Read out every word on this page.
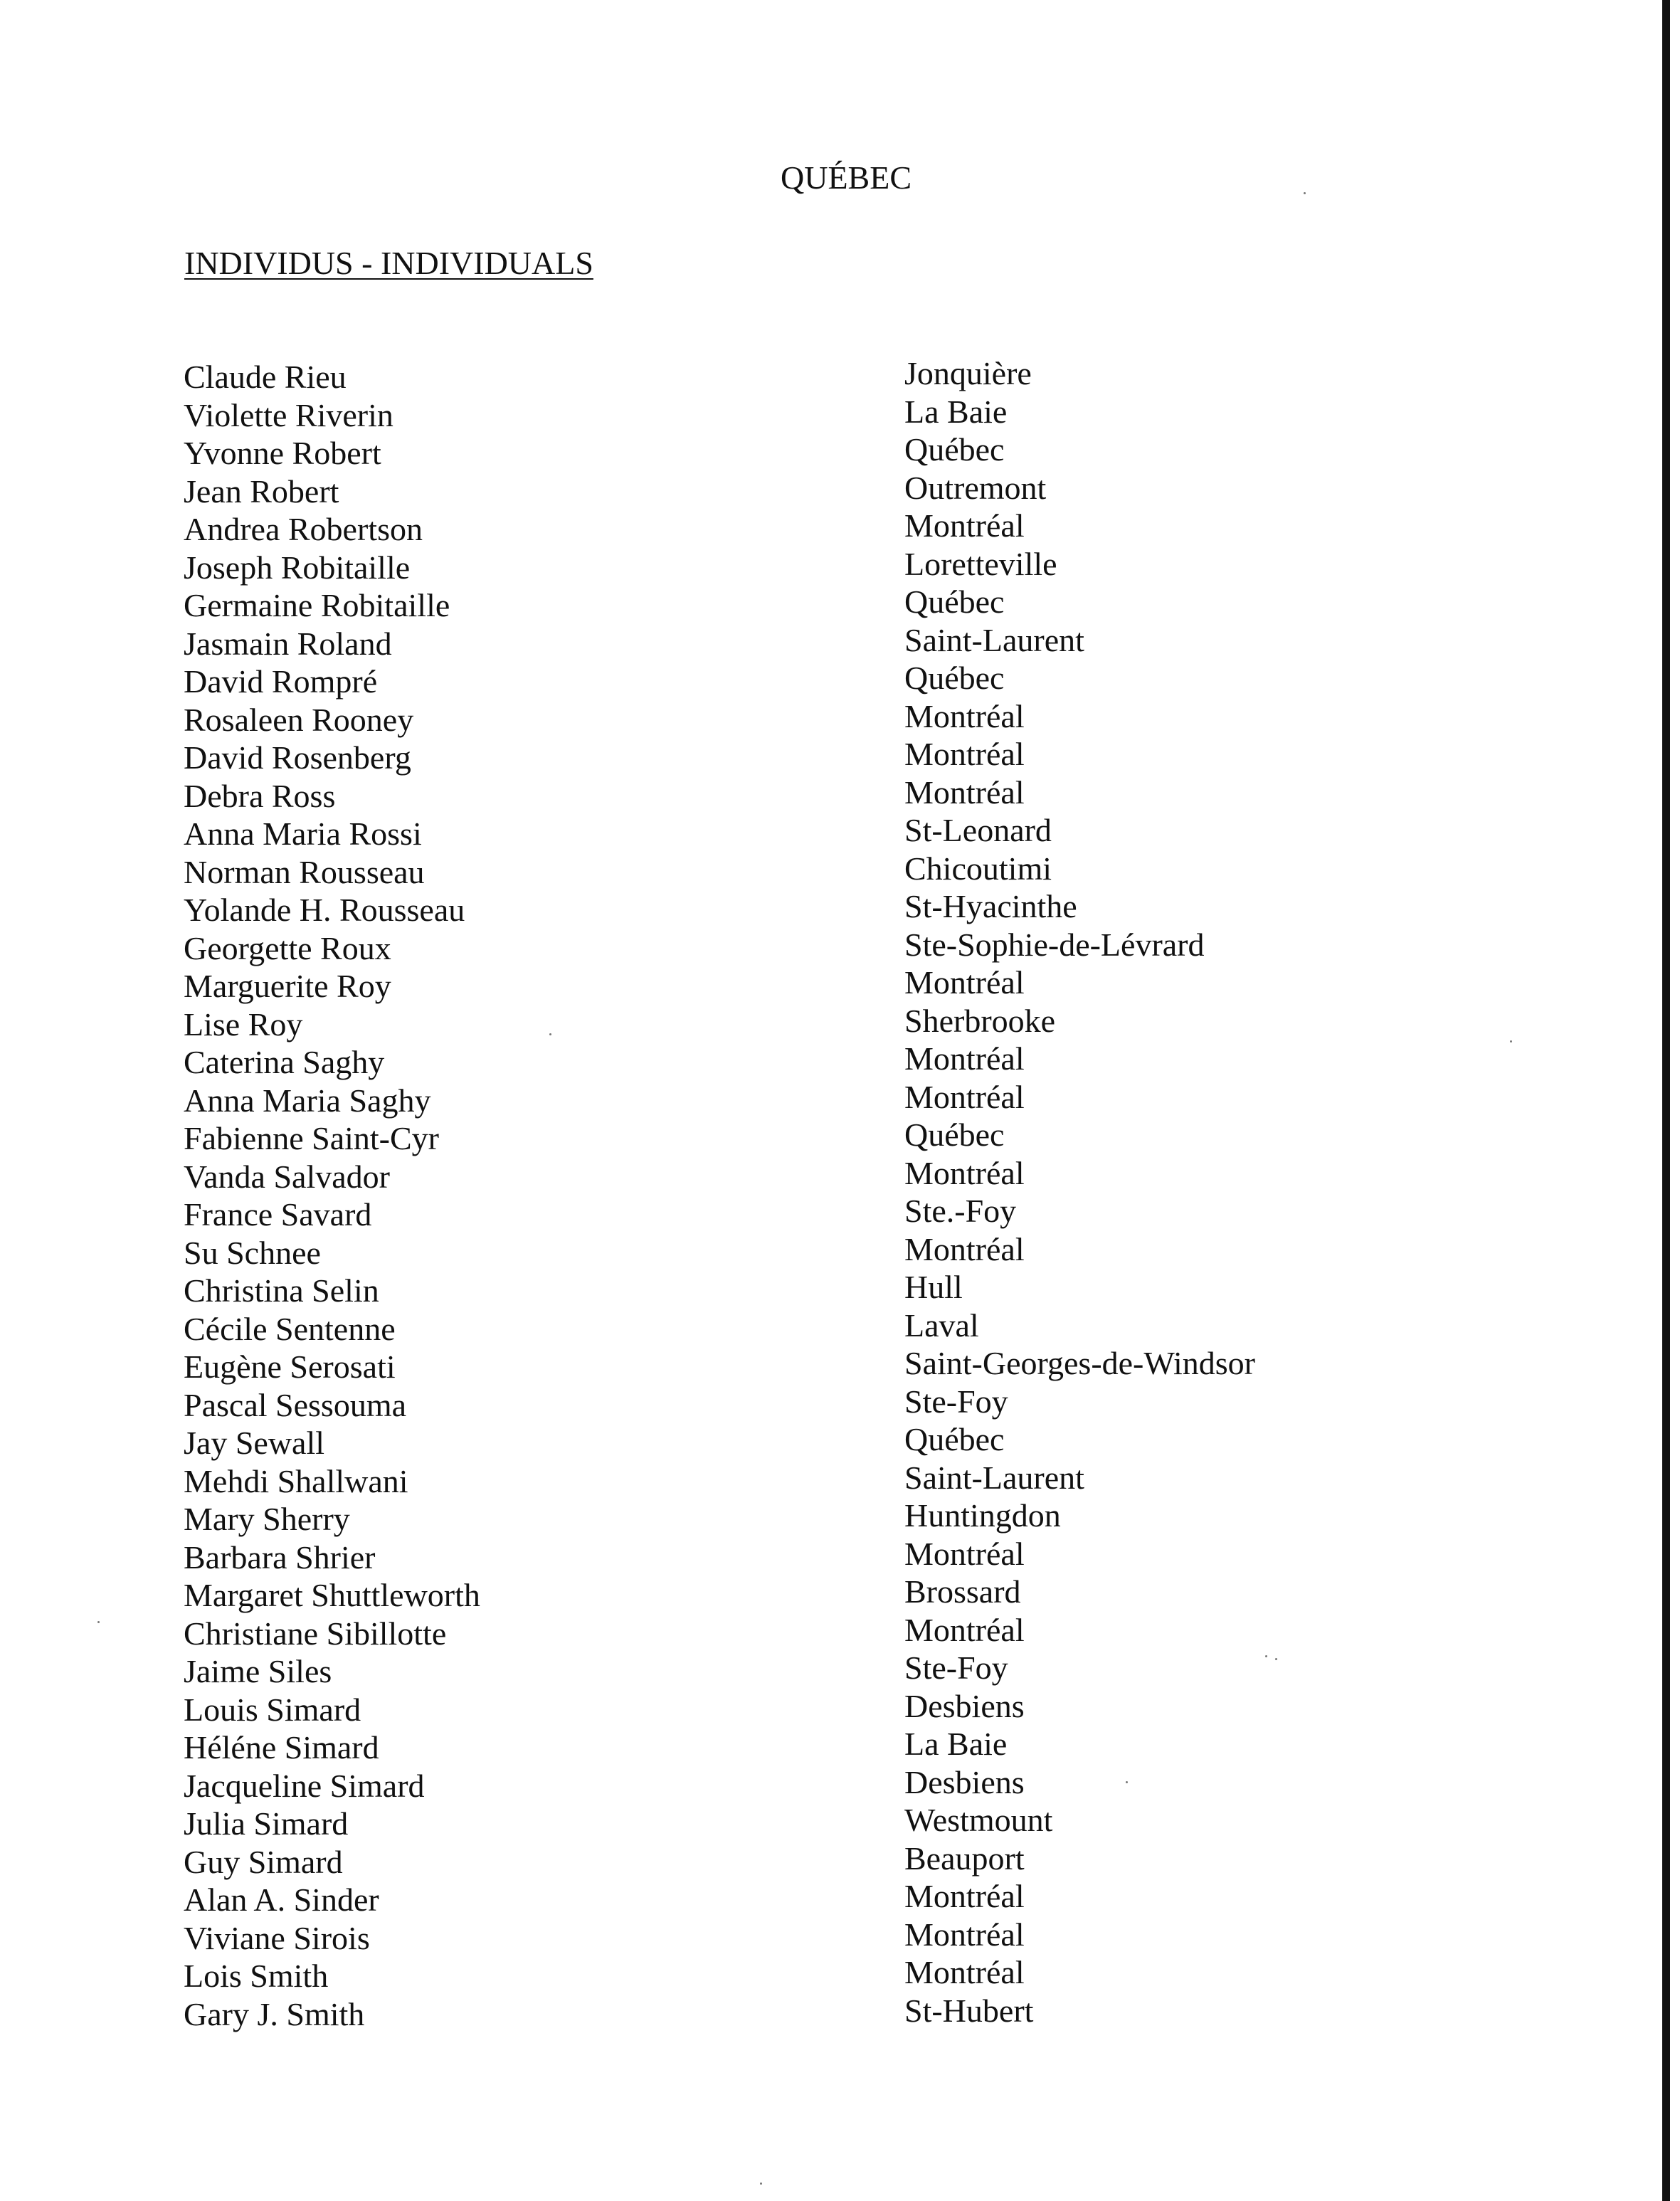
QUÉBEC
INDIVIDUS - INDIVIDUALS
Claude Rieu
Violette Riverin
Yvonne Robert
Jean Robert
Andrea Robertson
Joseph Robitaille
Germaine Robitaille
Jasmain Roland
David Rompré
Rosaleen Rooney
David Rosenberg
Debra Ross
Anna Maria Rossi
Norman Rousseau
Yolande H. Rousseau
Georgette Roux
Marguerite Roy
Lise Roy
Caterina Saghy
Anna Maria Saghy
Fabienne Saint-Cyr
Vanda Salvador
France Savard
Su Schnee
Christina Selin
Cécile Sentenne
Eugène Serosati
Pascal Sessouma
Jay Sewall
Mehdi Shallwani
Mary Sherry
Barbara Shrier
Margaret Shuttleworth
Christiane Sibillotte
Jaime Siles
Louis Simard
Héléne Simard
Jacqueline Simard
Julia Simard
Guy Simard
Alan A. Sinder
Viviane Sirois
Lois Smith
Gary J. Smith
Jonquière
La Baie
Québec
Outremont
Montréal
Loretteville
Québec
Saint-Laurent
Québec
Montréal
Montréal
Montréal
St-Leonard
Chicoutimi
St-Hyacinthe
Ste-Sophie-de-Lévrard
Montréal
Sherbrooke
Montréal
Montréal
Québec
Montréal
Ste.-Foy
Montréal
Hull
Laval
Saint-Georges-de-Windsor
Ste-Foy
Québec
Saint-Laurent
Huntingdon
Montréal
Brossard
Montréal
Ste-Foy
Desbiens
La Baie
Desbiens
Westmount
Beauport
Montréal
Montréal
Montréal
St-Hubert
